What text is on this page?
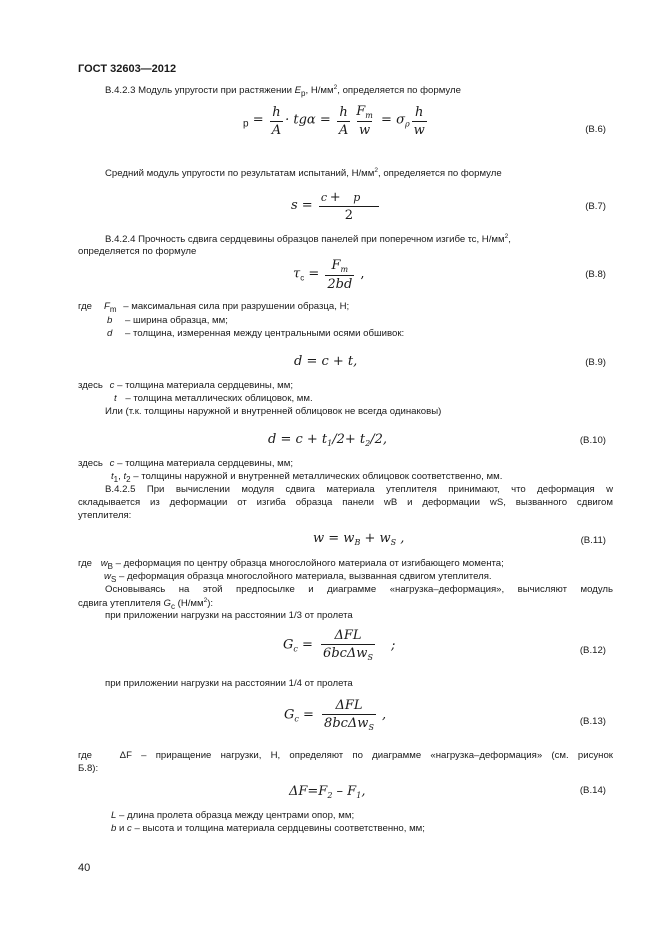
ГОСТ 32603—2012
В.4.2.3 Модуль упругости при растяжении $E_p$, $Н/мм^2$, определяется по формуле
$p = \frac{h}{A} \cdot tg\alpha = \frac{h}{A} \frac{F_m}{w} = \sigma_\rho \frac{h}{w}$	(В.6)
Средний модуль упругости по результатам испытаний, $Н/мм^2$, определяется по формуле
$s = \frac{c + p}{2}$	(В.7)
В.4.2.4 Прочность сдвига сердцевины образцов панелей при поперечном изгибе τс, $Н/мм^2$,
определяется по формуле
$\tau_c = \frac{F_m}{2bd}$ ,	(В.8)
где $F_m$ – максимальная сила при разрушении образца, Н;
b – ширина образца, мм;
d – толщина, измеренная между центральными осями обшивок:
d = c + t,	(В.9)
здесь c – толщина материала сердцевины, мм;
t – толщина металлических облицовок, мм.
Или (т.к. толщины наружной и внутренней облицовок не всегда одинаковы)
$d = c + t_1/2+ t_2/2$,	(В.10)
здесь c – толщина материала сердцевины, мм;
$t_1$, $t_2$ – толщины наружной и внутренней металлических облицовок соответственно, мм.
В.4.2.5 При вычислении модуля сдвига материала утеплителя принимают, что деформация w
складывается из деформации от изгиба образца панели wB и деформации wS, вызванного сдвигом
утеплителя:
$w = w_B + w_S$ ,	(В.11)
где $w_B$ – деформация по центру образца многослойного материала от изгибающего момента;
$w_S$ – деформация образца многослойного материала, вызванная сдвигом утеплителя.
Основываясь на этой предпосылке и диаграмме «нагрузка–деформация», вычисляют модуль
сдвига утеплителя $G_c$ $(Н/мм^2)$:
при приложении нагрузки на расстоянии 1/3 от пролета
$G_c = \frac{\text{ΔFL}}{6bc\Delta w_S}$ ;	(В.12)
при приложении нагрузки на расстоянии 1/4 от пролета
$G_c = \frac{\text{ΔFL}}{8bc\Delta w_S}$ ,	(В.13)
где   ΔF – приращение нагрузки, Н, определяют по диаграмме «нагрузка–деформация» (см. рисунок
Б.8):
$\Delta F=F_2 - F_1$,	(В.14)
L – длина пролета образца между центрами опор, мм;
b и c – высота и толщина материала сердцевины соответственно, мм;
40
